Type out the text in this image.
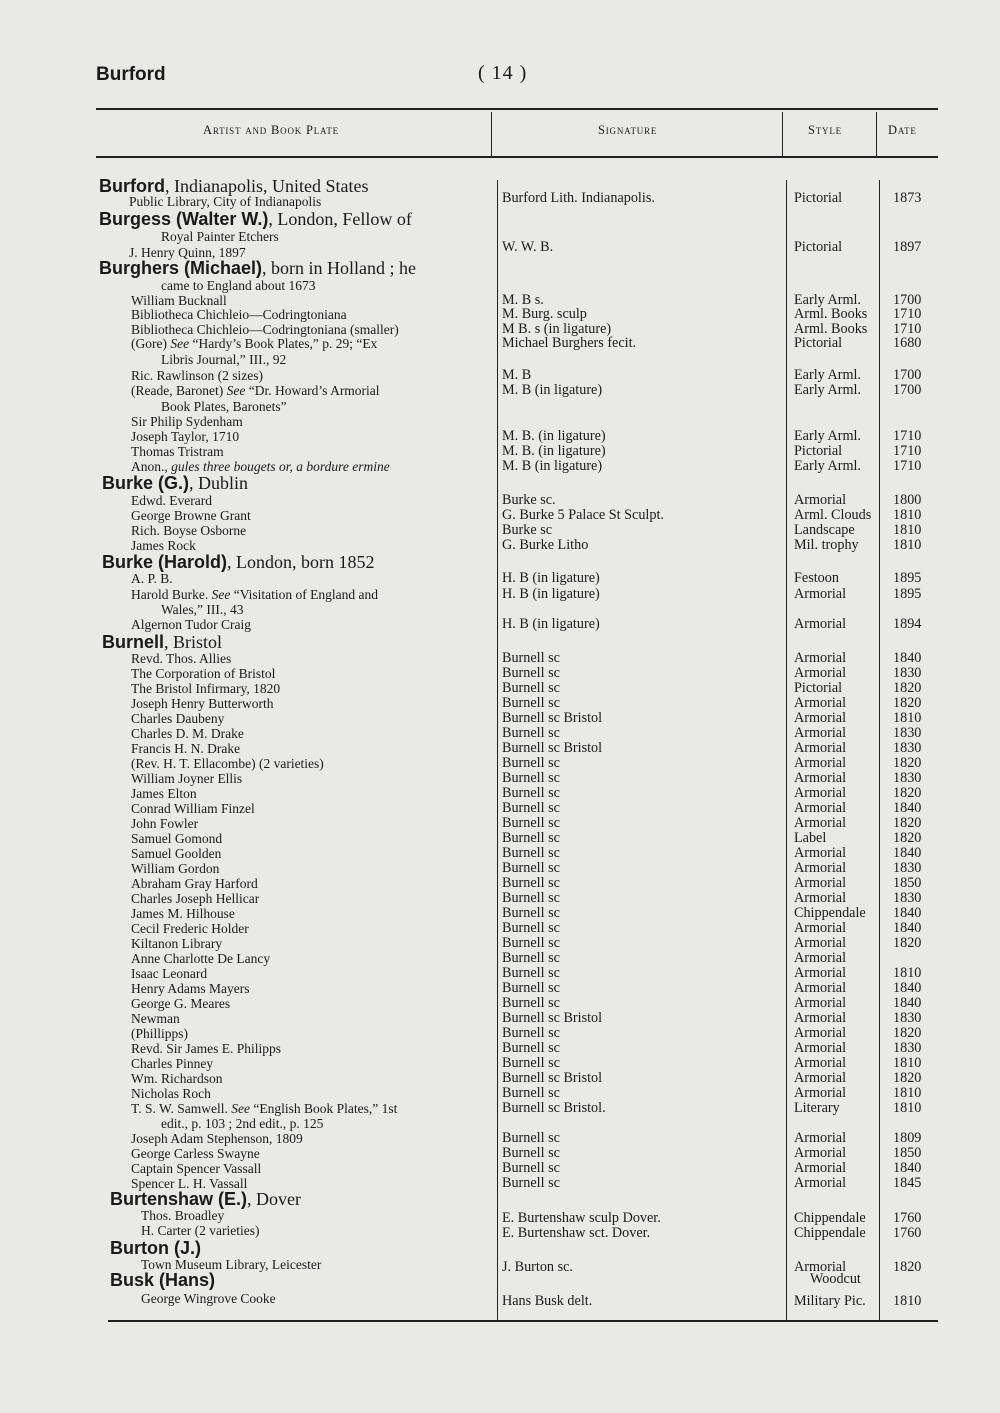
Burford	( 14 )
Artist and Book Plate	Signature	Style	Date
Burford, Indianapolis, United States
Public Library, City of Indianapolis	Burford Lith. Indianapolis.	Pictorial	1873
Burgess (Walter W.), London, Fellow of
Royal Painter Etchers
J. Henry Quinn, 1897	W. W. B.	Pictorial	1897
Burghers (Michael), born in Holland ; he
came to England about 1673
William Bucknall	M. B s.	Early Arml. 1700
Bibliotheca Chichleio—Codringtoniana	M. Burg. sculp	Arml. Books 1710
Bibliotheca Chichleio—Codringtoniana (smaller)	M B. s (in ligature)	Arml. Books 1710
(Gore) See “Hardy’s Book Plates,” p. 29; “Ex	Michael Burghers fecit.	Pictorial	1680
Libris Journal,” III., 92
Ric. Rawlinson (2 sizes)	M. B	Early Arml. 1700
(Reade, Baronet) See “Dr. Howard’s Armorial	M. B (in ligature)	Early Arml. 1700
Book Plates, Baronets”
Sir Philip Sydenham
Joseph Taylor, 1710	M. B. (in ligature)	Early Arml. 1710
Thomas Tristram	M. B. (in ligature)	Pictorial	1710
Anon., gules three bougets or, a bordure ermine	M. B (in ligature)	Early Arml. 1710
Burke (G.), Dublin
Edwd. Everard	Burke sc.	Armorial	1800
George Browne Grant	G. Burke 5 Palace St Sculpt.	Arml. Clouds 1810
Rich. Boyse Osborne	Burke sc	Landscape	1810
James Rock	G. Burke Litho	Mil. trophy 1810
Burke (Harold), London, born 1852
A. P. B.	H. B (in ligature)	Festoon	1895
Harold Burke. See “Visitation of England and	H. B (in ligature)	Armorial	1895
Wales,” III., 43
Algernon Tudor Craig	H. B (in ligature)	Armorial	1894
Burnell, Bristol
Revd. Thos. Allies	Burnell sc	Armorial	1840
The Corporation of Bristol	Burnell sc	Armorial	1830
The Bristol Infirmary, 1820	Burnell sc	Pictorial	1820
Joseph Henry Butterworth	Burnell sc	Armorial	1820
Charles Daubeny	Burnell sc Bristol	Armorial	1810
Charles D. M. Drake	Burnell sc	Armorial	1830
Francis H. N. Drake	Burnell sc Bristol	Armorial	1830
(Rev. H. T. Ellacombe) (2 varieties)	Burnell sc	Armorial	1820
William Joyner Ellis	Burnell sc	Armorial	1830
James Elton	Burnell sc	Armorial	1820
Conrad William Finzel	Burnell sc	Armorial	1840
John Fowler	Burnell sc	Armorial	1820
Samuel Gomond	Burnell sc	Label	1820
Samuel Goolden	Burnell sc	Armorial	1840
William Gordon	Burnell sc	Armorial	1830
Abraham Gray Harford	Burnell sc	Armorial	1850
Charles Joseph Hellicar	Burnell sc	Armorial	1830
James M. Hilhouse	Burnell sc	Chippendale 1840
Cecil Frederic Holder	Burnell sc	Armorial	1840
Kiltanon Library	Burnell sc	Armorial	1820
Anne Charlotte De Lancy	Burnell sc	Armorial
Isaac Leonard	Burnell sc	Armorial	1810
Henry Adams Mayers	Burnell sc	Armorial	1840
George G. Meares	Burnell sc	Armorial	1840
Newman	Burnell sc Bristol	Armorial	1830
(Phillipps)	Burnell sc	Armorial	1820
Revd. Sir James E. Philipps	Burnell sc	Armorial	1830
Charles Pinney	Burnell sc	Armorial	1810
Wm. Richardson	Burnell sc Bristol	Armorial	1820
Nicholas Roch	Burnell sc	Armorial	1810
T. S. W. Samwell. See “English Book Plates,” 1st	Burnell sc Bristol.	Literary	1810
edit., p. 103 ; 2nd edit., p. 125
Joseph Adam Stephenson, 1809	Burnell sc	Armorial	1809
George Carless Swayne	Burnell sc	Armorial	1850
Captain Spencer Vassall	Burnell sc	Armorial	1840
Spencer L. H. Vassall	Burnell sc	Armorial	1845
Burtenshaw (E.), Dover
Thos. Broadley	E. Burtenshaw sculp Dover.	Chippendale 1760
H. Carter (2 varieties)	E. Burtenshaw sct. Dover.	Chippendale 1760
Burton (J.)
Town Museum Library, Leicester	J. Burton sc.	Armorial	1820
Woodcut
Busk (Hans)
George Wingrove Cooke	Hans Busk delt.	Military Pic. 1810
